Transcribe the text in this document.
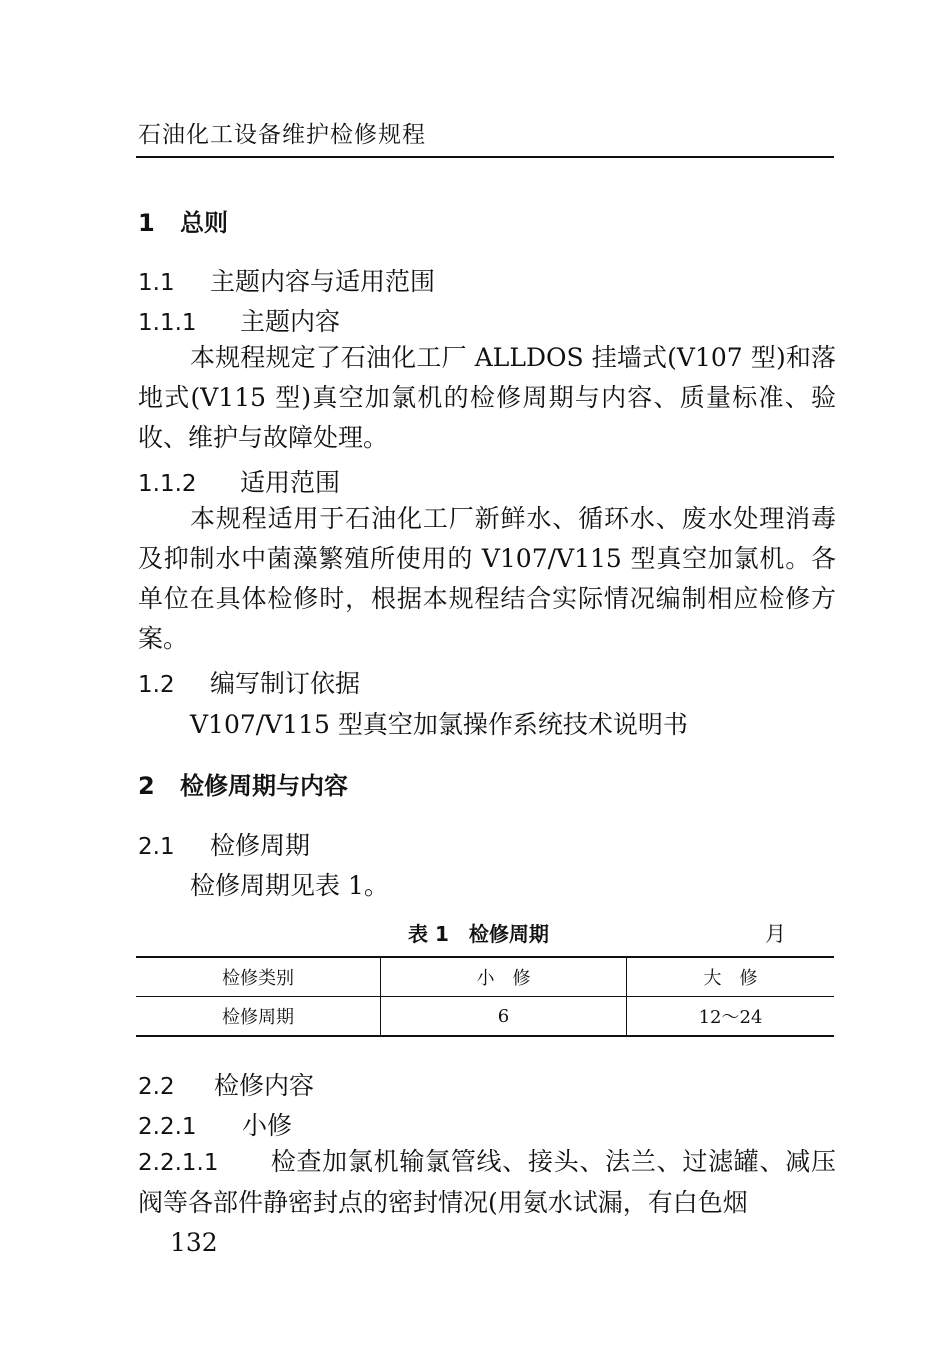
石油化工设备维护检修规程
1 总则
1.1 主题内容与适用范围
1.1.1 主题内容
本规程规定了石油化工厂 ALLDOS 挂墙式(V107 型)和落地式(V115 型)真空加氯机的检修周期与内容、质量标准、验收、维护与故障处理。
1.1.2 适用范围
本规程适用于石油化工厂新鲜水、循环水、废水处理消毒及抑制水中菌藻繁殖所使用的 V107/V115 型真空加氯机。各单位在具体检修时，根据本规程结合实际情况编制相应检修方案。
1.2 编写制订依据
V107/V115 型真空加氯操作系统技术说明书
2 检修周期与内容
2.1 检修周期
检修周期见表 1。
表 1　检修周期	月
检修类别	小　修	大　修
检修周期	6	12～24
2.2 检修内容
2.2.1 小修
2.2.1.1 检查加氯机输氯管线、接头、法兰、过滤罐、减压阀等各部件静密封点的密封情况(用氨水试漏，有白色烟
132
